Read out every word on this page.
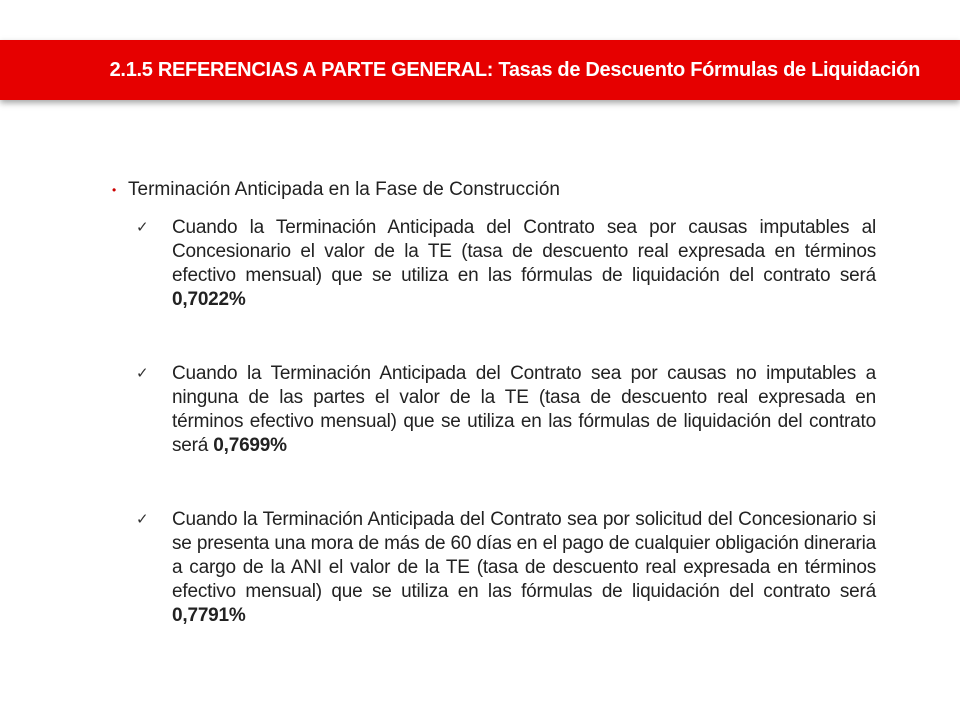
2.1.5 REFERENCIAS A PARTE GENERAL: Tasas de Descuento Fórmulas de Liquidación
• Terminación Anticipada en la Fase de Construcción
✓	Cuando la Terminación Anticipada del Contrato sea por causas imputables al Concesionario el valor de la TE (tasa de descuento real expresada en términos efectivo mensual) que se utiliza en las fórmulas de liquidación del contrato será 0,7022%
✓	Cuando la Terminación Anticipada del Contrato sea por causas no imputables a ninguna de las partes el valor de la TE (tasa de descuento real expresada en términos efectivo mensual) que se utiliza en las fórmulas de liquidación del contrato será 0,7699%
✓	Cuando la Terminación Anticipada del Contrato sea por solicitud del Concesionario si se presenta una mora de más de 60 días en el pago de cualquier obligación dineraria a cargo de la ANI el valor de la TE (tasa de descuento real expresada en términos efectivo mensual) que se utiliza en las fórmulas de liquidación del contrato será 0,7791%
